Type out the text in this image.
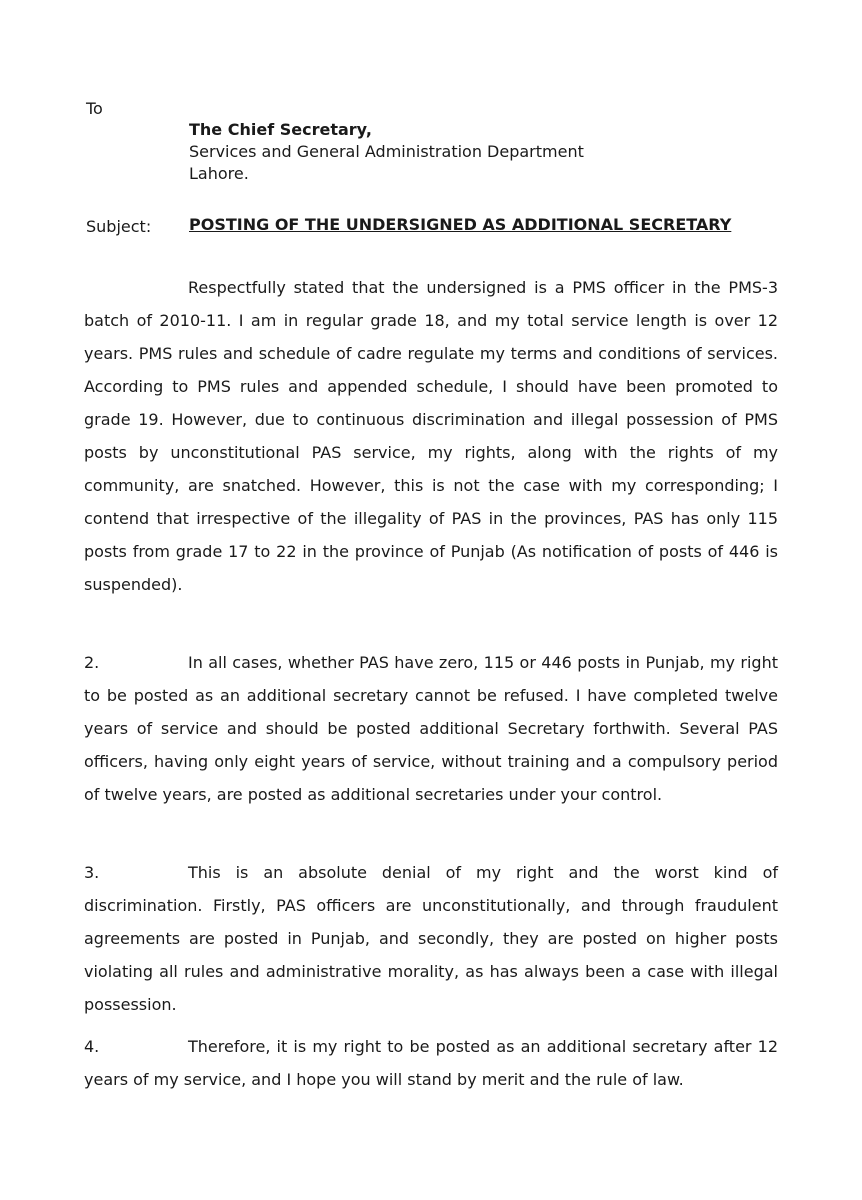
To
The Chief Secretary,
Services and General Administration Department
Lahore.
Subject: POSTING OF THE UNDERSIGNED AS ADDITIONAL SECRETARY

Respectfully stated that the undersigned is a PMS officer in the PMS-3 batch of 2010-11. I am in regular grade 18, and my total service length is over 12 years. PMS rules and schedule of cadre regulate my terms and conditions of services. According to PMS rules and appended schedule, I should have been promoted to grade 19. However, due to continuous discrimination and illegal possession of PMS posts by unconstitutional PAS service, my rights, along with the rights of my community, are snatched. However, this is not the case with my corresponding; I contend that irrespective of the illegality of PAS in the provinces, PAS has only 115 posts from grade 17 to 22 in the province of Punjab (As notification of posts of 446 is suspended).

2.	In all cases, whether PAS have zero, 115 or 446 posts in Punjab, my right to be posted as an additional secretary cannot be refused. I have completed twelve years of service and should be posted additional Secretary forthwith. Several PAS officers, having only eight years of service, without training and a compulsory period of twelve years, are posted as additional secretaries under your control.

3.	This is an absolute denial of my right and the worst kind of discrimination. Firstly, PAS officers are unconstitutionally, and through fraudulent agreements are posted in Punjab, and secondly, they are posted on higher posts violating all rules and administrative morality, as has always been a case with illegal possession.

4.	Therefore, it is my right to be posted as an additional secretary after 12 years of my service, and I hope you will stand by merit and the rule of law.
